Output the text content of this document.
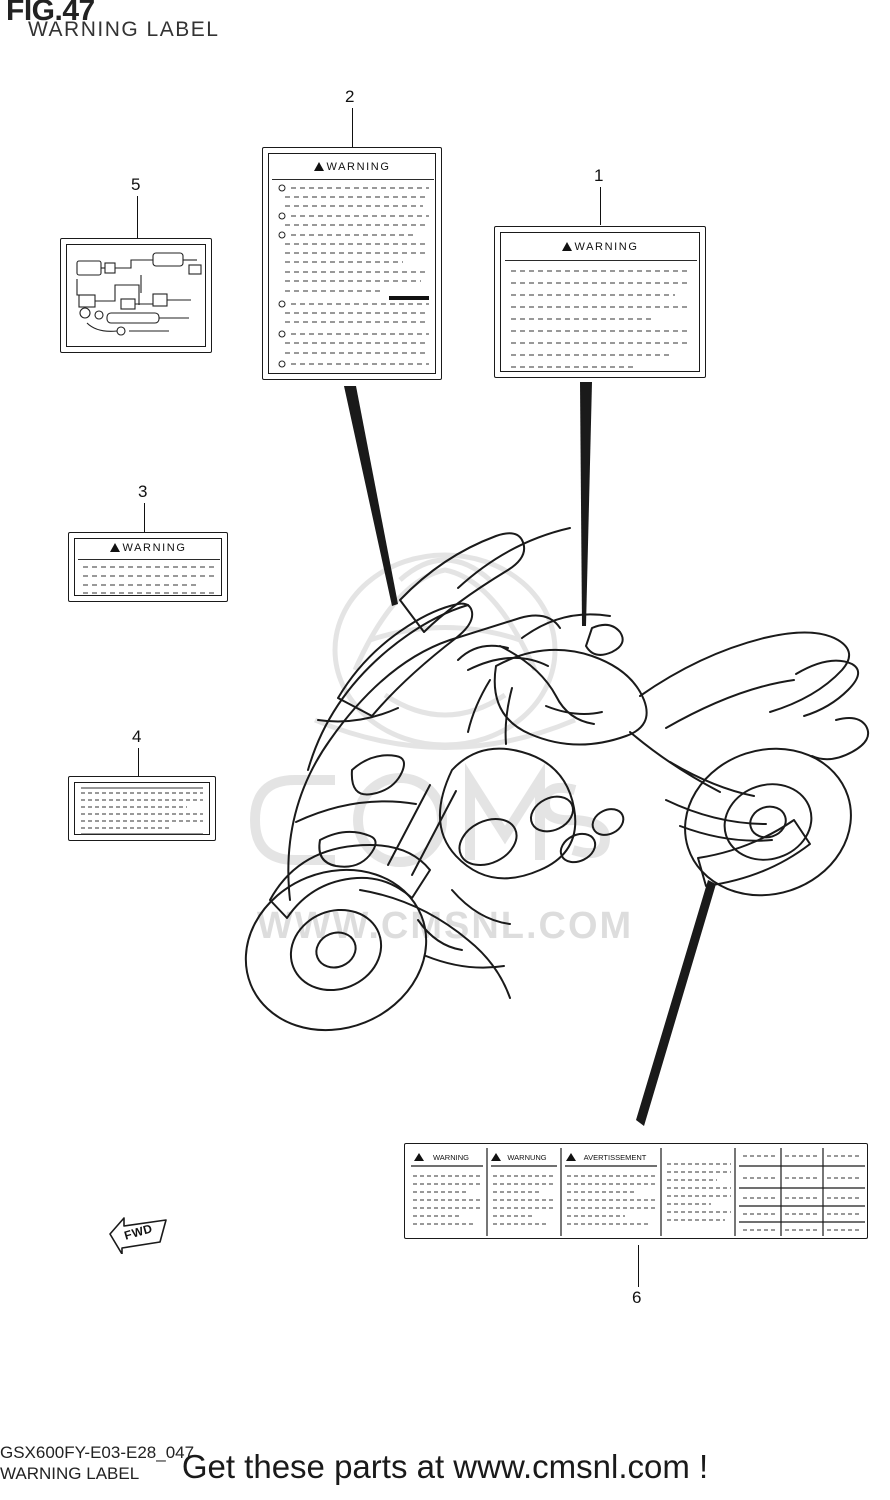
FIG.47
WARNING LABEL
WWW.CMSNL.COM
5
2
WARNING	1
WARNING
3
WARNING
4
WARNING	WARNUNG	AVERTISSEMENT
6
FWD
GSX600FY-E03-E28_047
WARNING LABEL	Get these parts at www.cmsnl.com !
